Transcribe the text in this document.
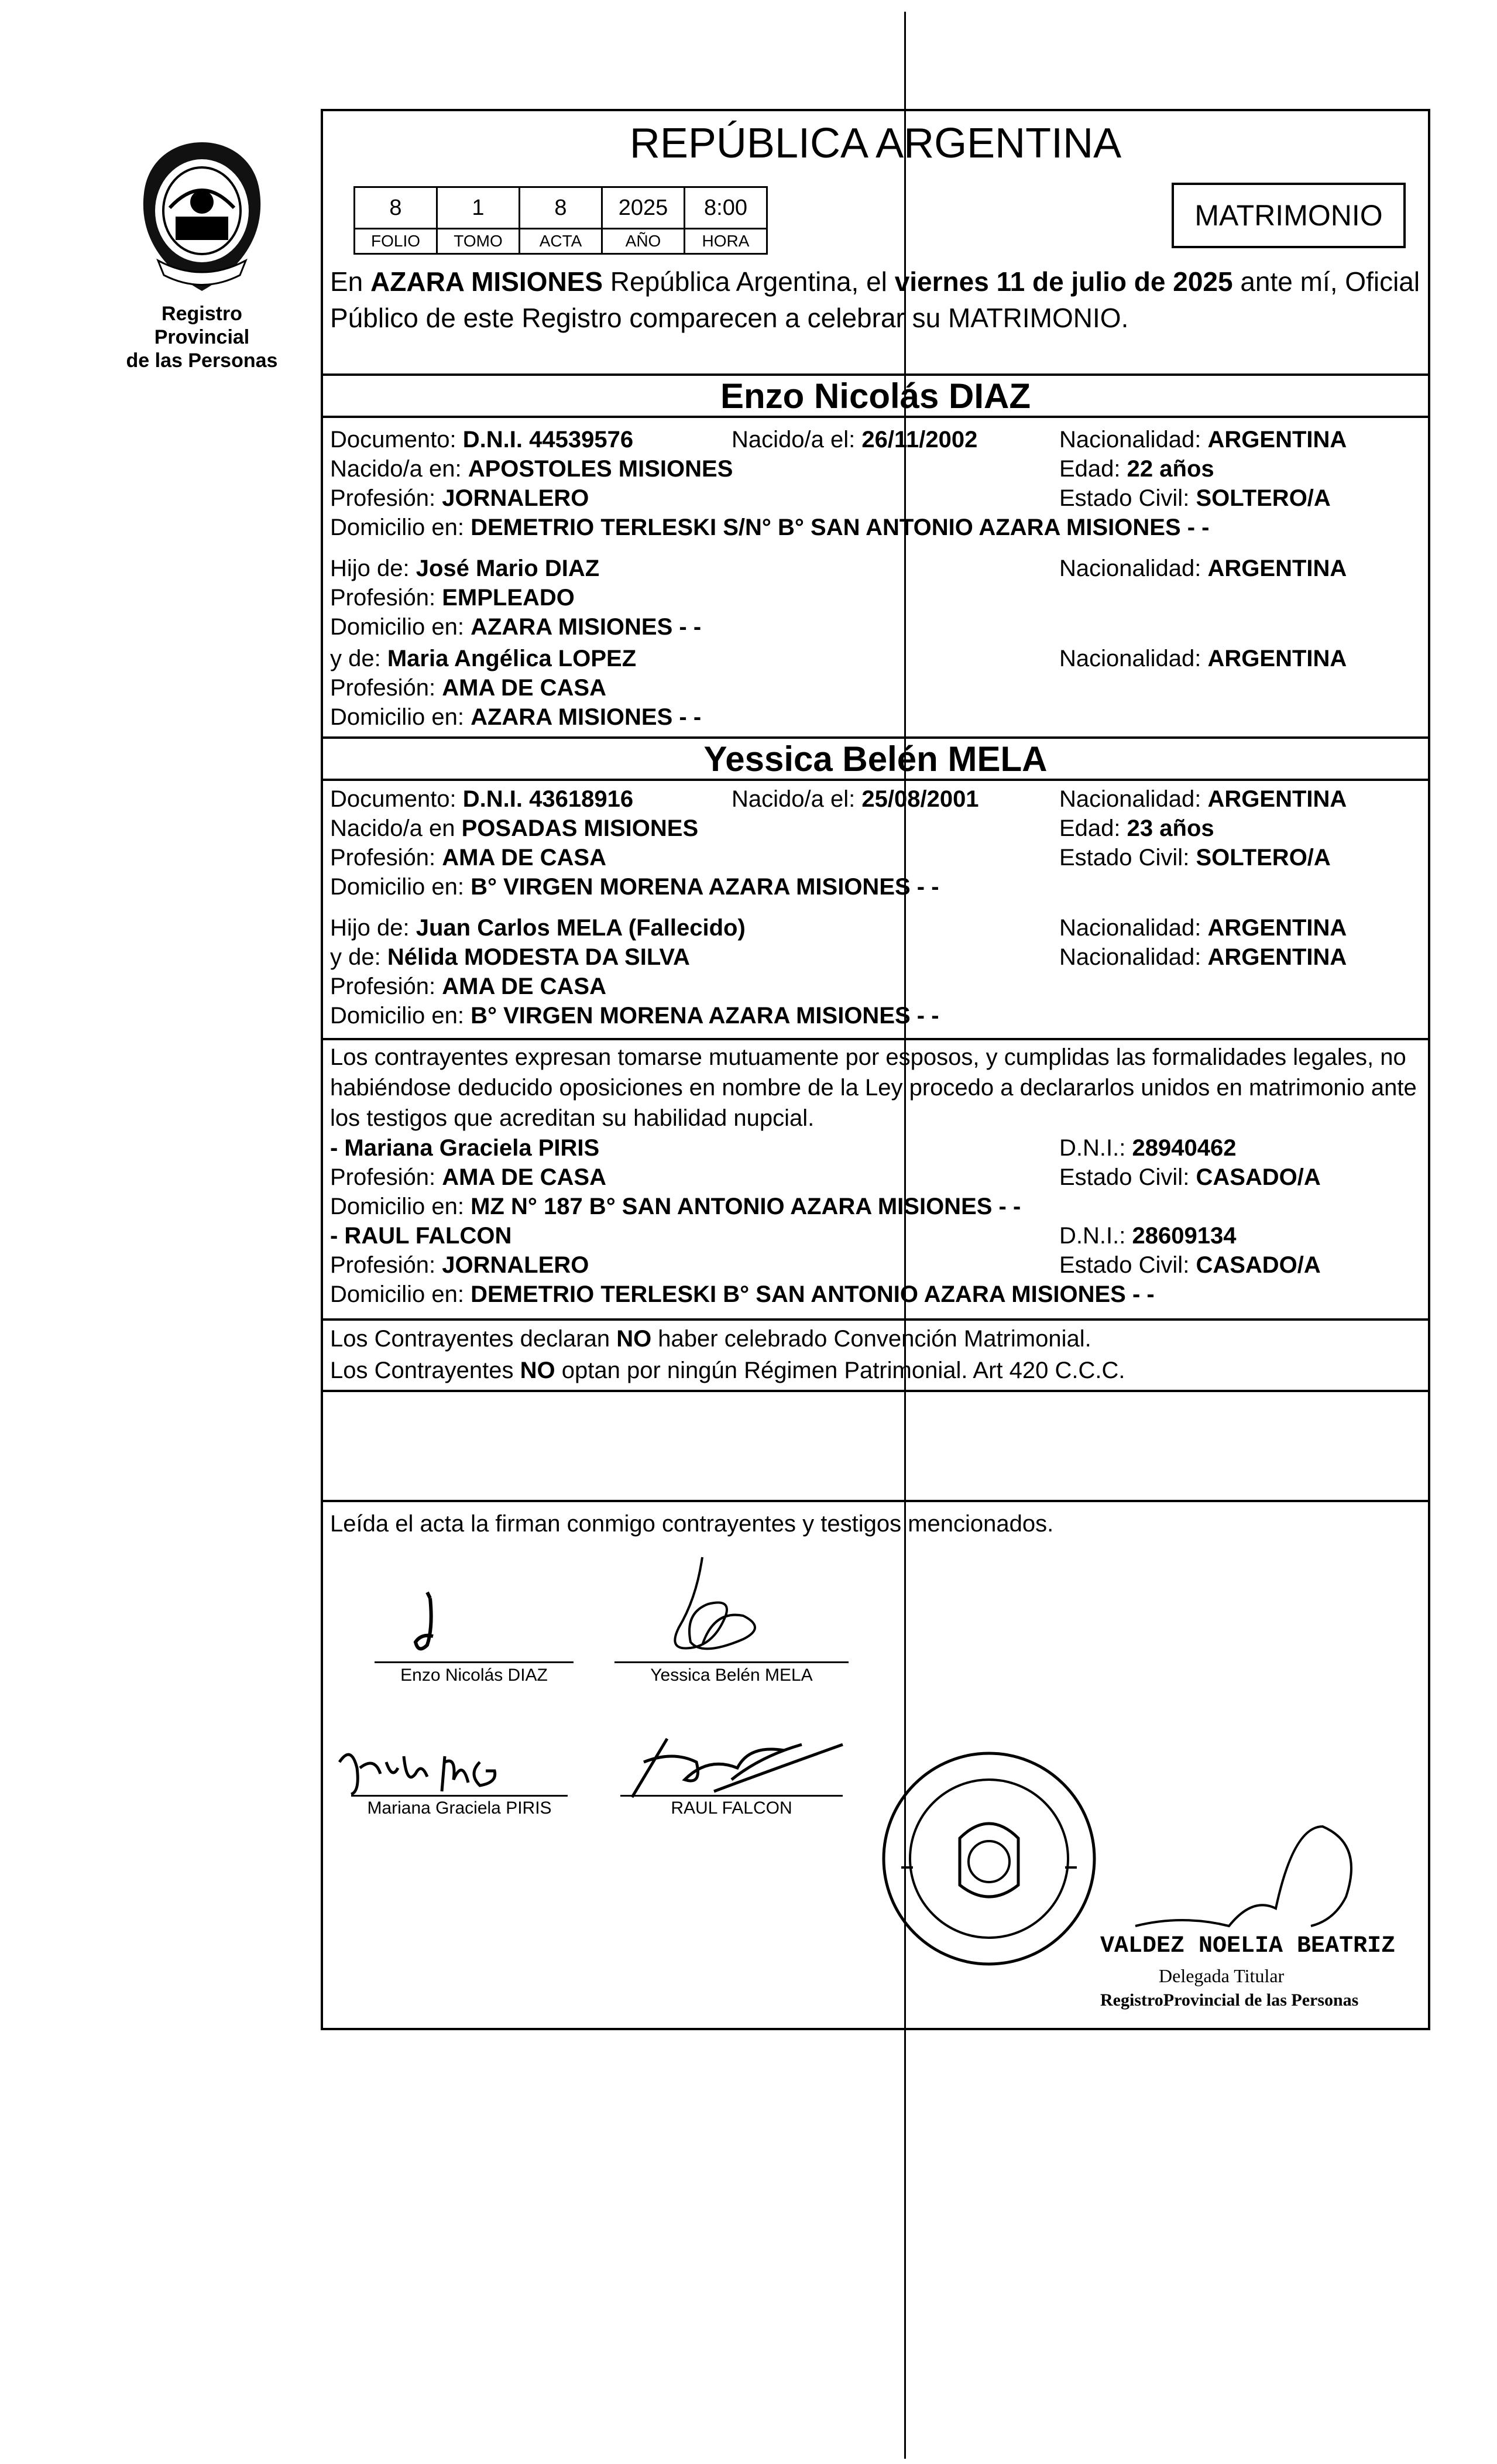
Registro Provincial
de las Personas
REPÚBLICA ARGENTINA
8	1	8	2025	8:00
FOLIO	TOMO	ACTA	AÑO	HORA
MATRIMONIO
En AZARA MISIONES República Argentina, el viernes 11 de julio de 2025 ante mí, Oficial Público de este Registro comparecen a celebrar su MATRIMONIO.
Enzo Nicolás DIAZ
Documento: D.N.I. 44539576	Nacido/a el: 26/11/2002	Nacionalidad: ARGENTINA
Nacido/a en: APOSTOLES MISIONES	Edad: 22 años
Profesión: JORNALERO	Estado Civil: SOLTERO/A
Domicilio en: DEMETRIO TERLESKI S/N° B° SAN ANTONIO AZARA MISIONES - -
Hijo de: José Mario DIAZ	Nacionalidad: ARGENTINA
Profesión: EMPLEADO
Domicilio en: AZARA MISIONES - -
y de: Maria Angélica LOPEZ	Nacionalidad: ARGENTINA
Profesión: AMA DE CASA
Domicilio en: AZARA MISIONES - -
Yessica Belén MELA
Documento: D.N.I. 43618916	Nacido/a el: 25/08/2001	Nacionalidad: ARGENTINA
Nacido/a en POSADAS MISIONES	Edad: 23 años
Profesión: AMA DE CASA	Estado Civil: SOLTERO/A
Domicilio en: B° VIRGEN MORENA AZARA MISIONES - -
Hijo de: Juan Carlos MELA (Fallecido)	Nacionalidad: ARGENTINA
y de: Nélida MODESTA DA SILVA	Nacionalidad: ARGENTINA
Profesión: AMA DE CASA
Domicilio en: B° VIRGEN MORENA AZARA MISIONES - -
Los contrayentes expresan tomarse mutuamente por esposos, y cumplidas las formalidades legales, no habiéndose deducido oposiciones en nombre de la Ley procedo a declararlos unidos en matrimonio ante los testigos que acreditan su habilidad nupcial.
- Mariana Graciela PIRIS	D.N.I.: 28940462
Profesión: AMA DE CASA	Estado Civil: CASADO/A
Domicilio en: MZ N° 187 B° SAN ANTONIO AZARA MISIONES - -
- RAUL FALCON	D.N.I.: 28609134
Profesión: JORNALERO	Estado Civil: CASADO/A
Domicilio en: DEMETRIO TERLESKI B° SAN ANTONIO AZARA MISIONES - -
Los Contrayentes declaran NO haber celebrado Convención Matrimonial.
Los Contrayentes NO optan por ningún Régimen Patrimonial. Art 420 C.C.C.
Leída el acta la firman conmigo contrayentes y testigos mencionados.
Enzo Nicolás DIAZ	Yessica Belén MELA
Mariana Graciela PIRIS	RAUL FALCON
VALDEZ NOELIA BEATRIZ
Delegada Titular
RegistroProvincial de las Personas
